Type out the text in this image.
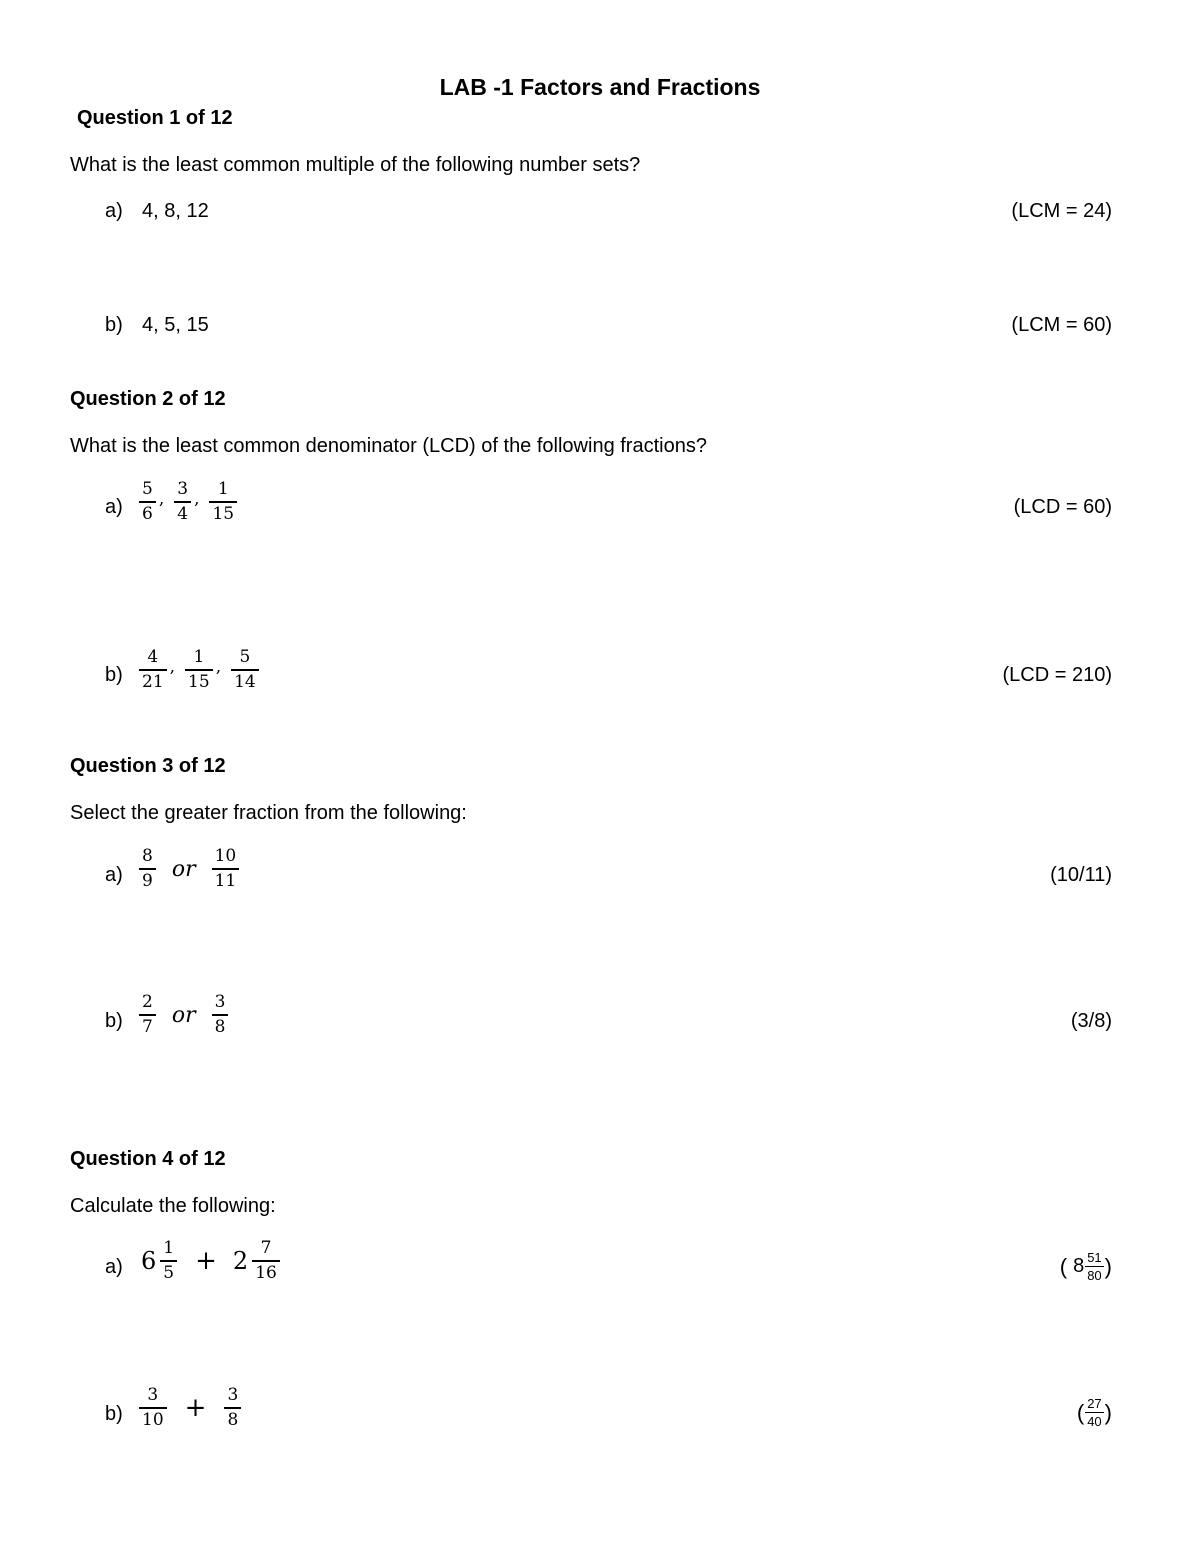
LAB -1 Factors and Fractions
Question 1 of 12
What is the least common multiple of the following number sets?
a) 4, 8, 12	(LCM = 24)
b) 4, 5, 15	(LCM = 60)
Question 2 of 12
What is the least common denominator (LCD) of the following fractions?
$a) \frac{5}{6}$ , $\frac{3}{4}$ , $\frac{1}{15}$	(LCD = 60)
$b) \frac{4}{21}$ , $\frac{1}{15}$ , $\frac{5}{14}$	(LCD = 210)
Question 3 of 12
Select the greater fraction from the following:
$a) \frac{8}{9}$ or $\frac{10}{11}$	(10/11)
$b) \frac{2}{7}$ or $\frac{3}{8}$	(3/8)
Question 4 of 12
Calculate the following:
a) $6 \frac{1}{5} + 2 \frac{7}{16}$	( $8 \frac{51}{80}$ )
$b) \frac{3}{10} + \frac{3}{8}$	( $\frac{27}{40}$ )
